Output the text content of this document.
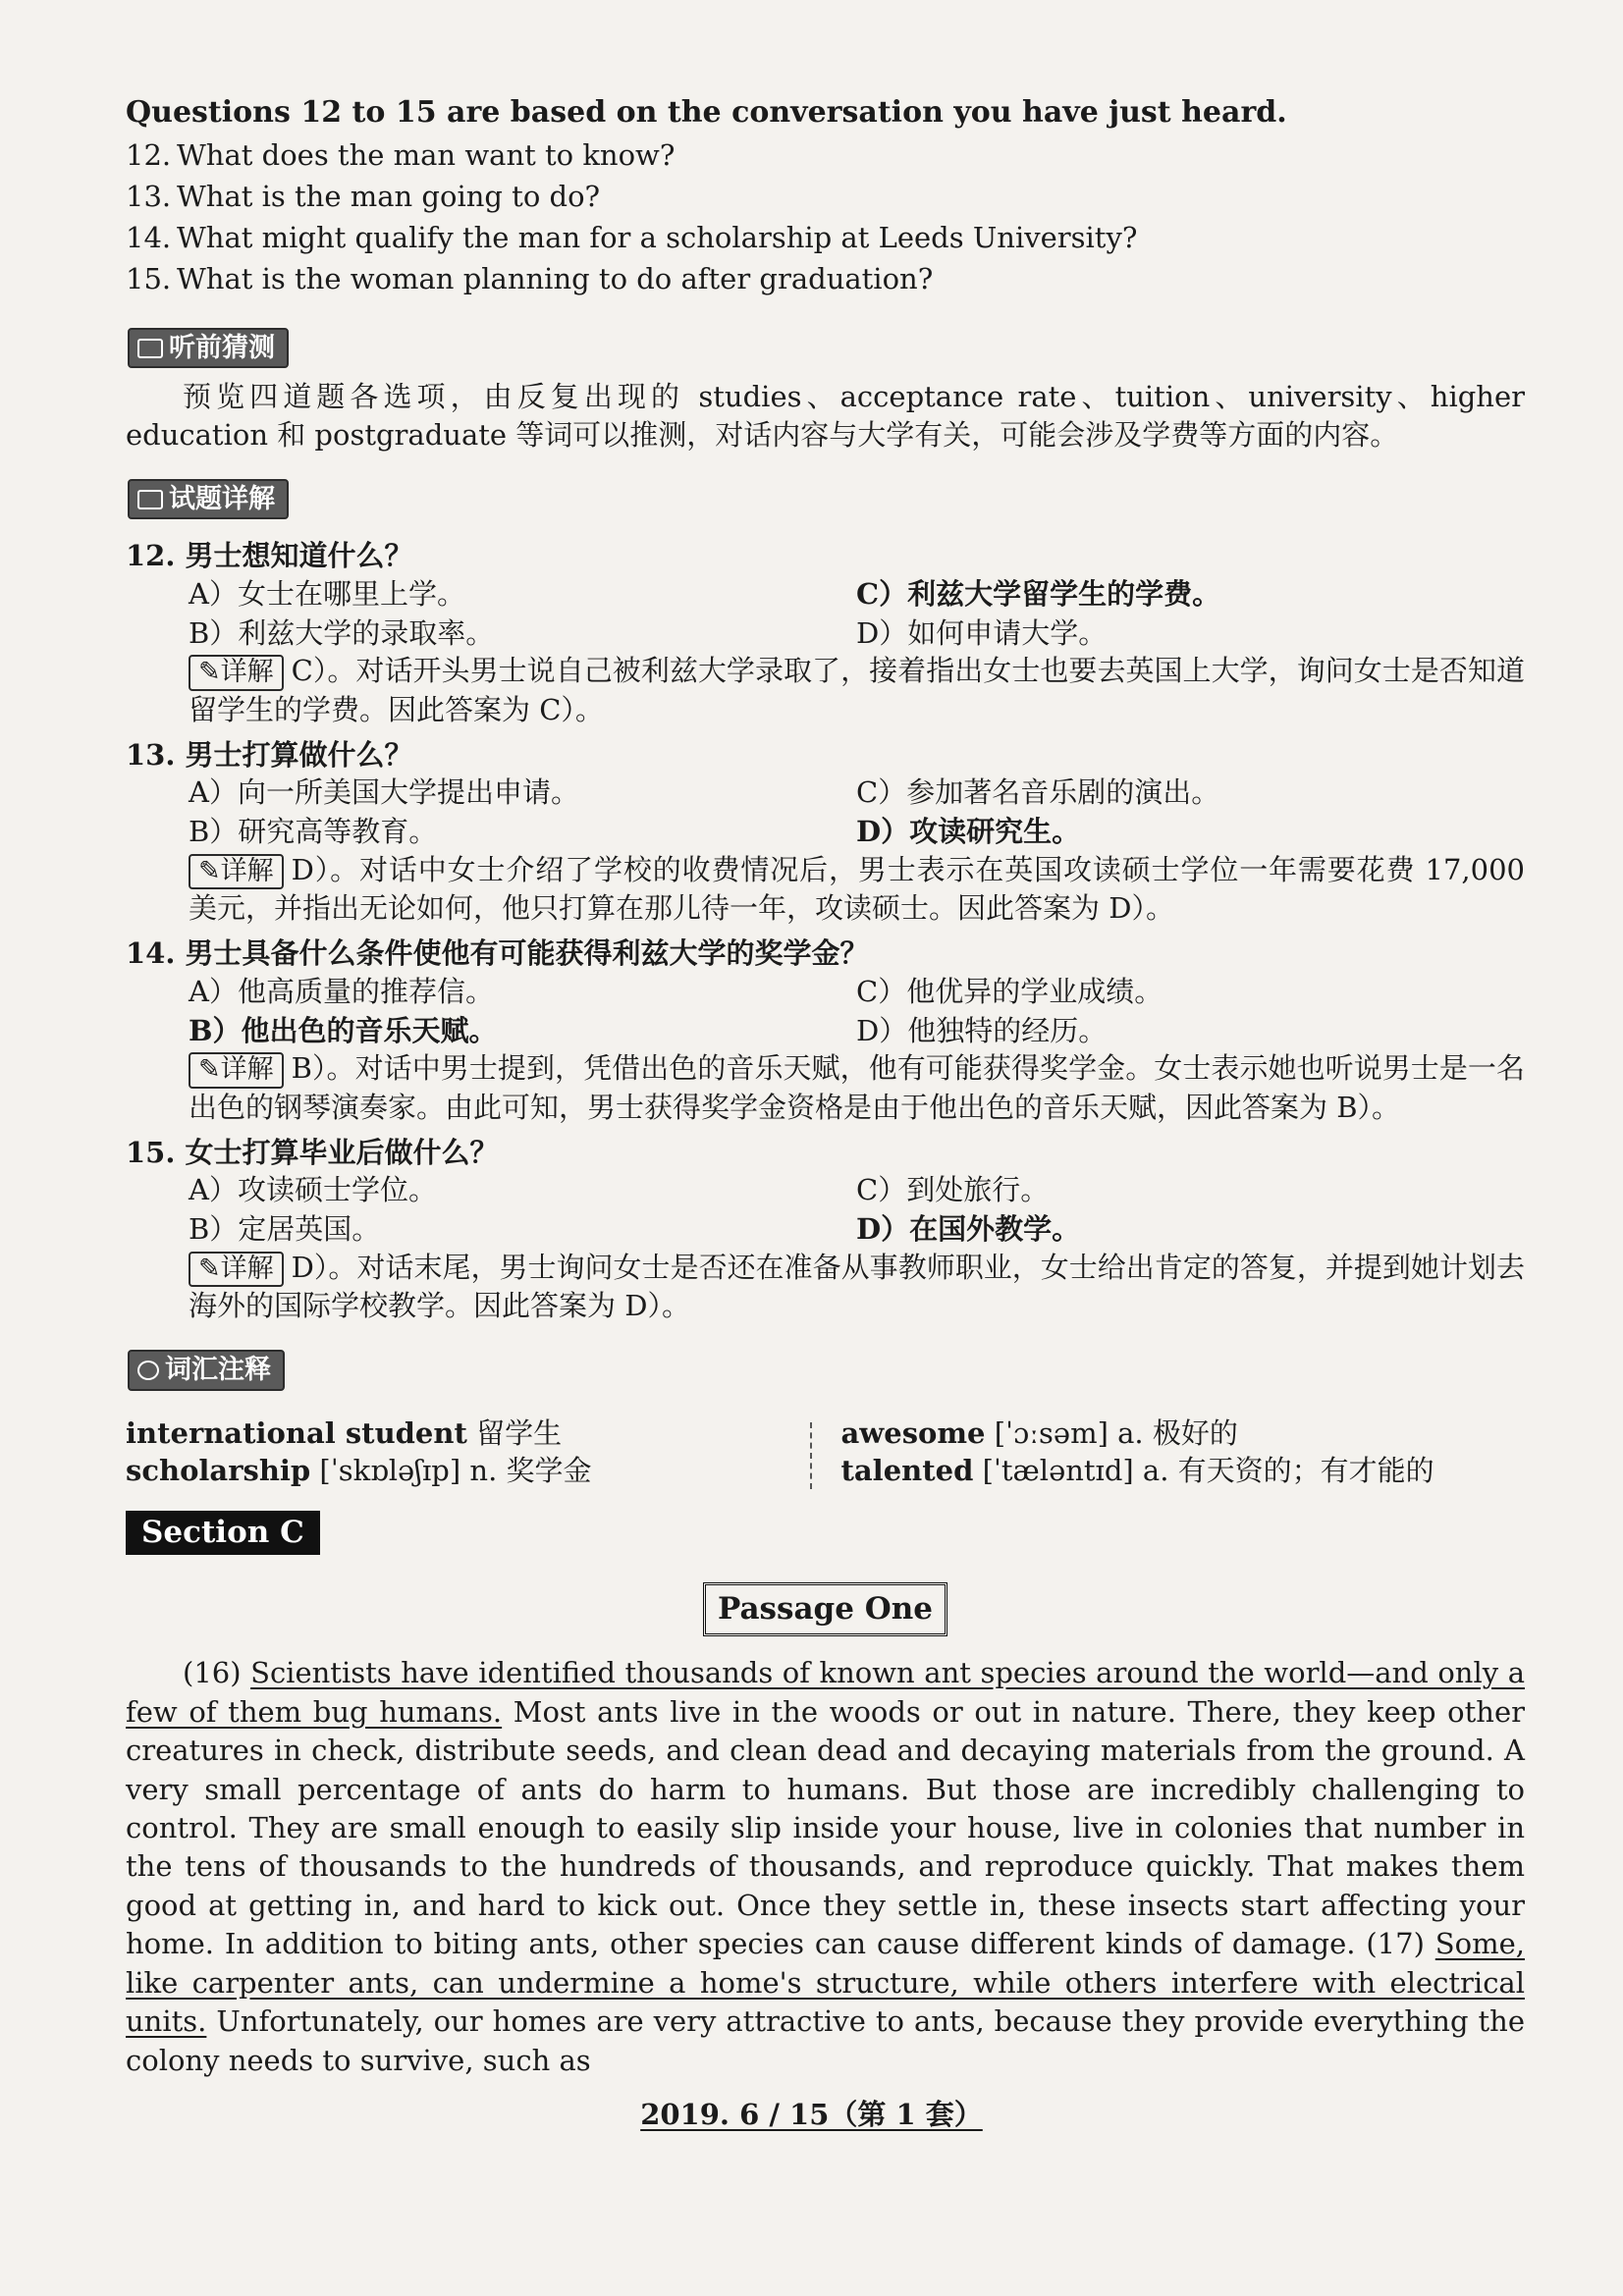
Questions 12 to 15 are based on the conversation you have just heard.
12. What does the man want to know?
13. What is the man going to do?
14. What might qualify the man for a scholarship at Leeds University?
15. What is the woman planning to do after graduation?
听前猜测

预览四道题各选项，由反复出现的 studies、acceptance rate、tuition、university、higher education 和 postgraduate 等词可以推测，对话内容与大学有关，可能会涉及学费等方面的内容。

试题详解
12. 男士想知道什么？
A）女士在哪里上学。	C）利兹大学留学生的学费。
B）利兹大学的录取率。	D）如何申请大学。
✎详解 C）。对话开头男士说自己被利兹大学录取了，接着指出女士也要去英国上大学，询问女士是否知道留学生的学费。因此答案为 C）。
13. 男士打算做什么？
A）向一所美国大学提出申请。	C）参加著名音乐剧的演出。
B）研究高等教育。	D）攻读研究生。
✎详解 D）。对话中女士介绍了学校的收费情况后，男士表示在英国攻读硕士学位一年需要花费 17,000 美元，并指出无论如何，他只打算在那儿待一年，攻读硕士。因此答案为 D）。
14. 男士具备什么条件使他有可能获得利兹大学的奖学金？
A）他高质量的推荐信。	C）他优异的学业成绩。
B）他出色的音乐天赋。	D）他独特的经历。
✎详解 B）。对话中男士提到，凭借出色的音乐天赋，他有可能获得奖学金。女士表示她也听说男士是一名出色的钢琴演奏家。由此可知，男士获得奖学金资格是由于他出色的音乐天赋，因此答案为 B）。
15. 女士打算毕业后做什么？
A）攻读硕士学位。	C）到处旅行。
B）定居英国。	D）在国外教学。
✎详解 D）。对话末尾，男士询问女士是否还在准备从事教师职业，女士给出肯定的答复，并提到她计划去海外的国际学校教学。因此答案为 D）。
词汇注释
international student 留学生
scholarship [ˈskɒləʃɪp] n. 奖学金
awesome [ˈɔːsəm] a. 极好的
talented [ˈtæləntɪd] a. 有天资的；有才能的
Section C
Passage One

(16) Scientists have identified thousands of known ant species around the world—and only a few of them bug humans. Most ants live in the woods or out in nature. There, they keep other creatures in check, distribute seeds, and clean dead and decaying materials from the ground. A very small percentage of ants do harm to humans. But those are incredibly challenging to control. They are small enough to easily slip inside your house, live in colonies that number in the tens of thousands to the hundreds of thousands, and reproduce quickly. That makes them good at getting in, and hard to kick out. Once they settle in, these insects start affecting your home. In addition to biting ants, other species can cause different kinds of damage. (17) Some, like carpenter ants, can undermine a home's structure, while others interfere with electrical units. Unfortunately, our homes are very attractive to ants, because they provide everything the colony needs to survive, such as

2019. 6 / 15（第 1 套）
